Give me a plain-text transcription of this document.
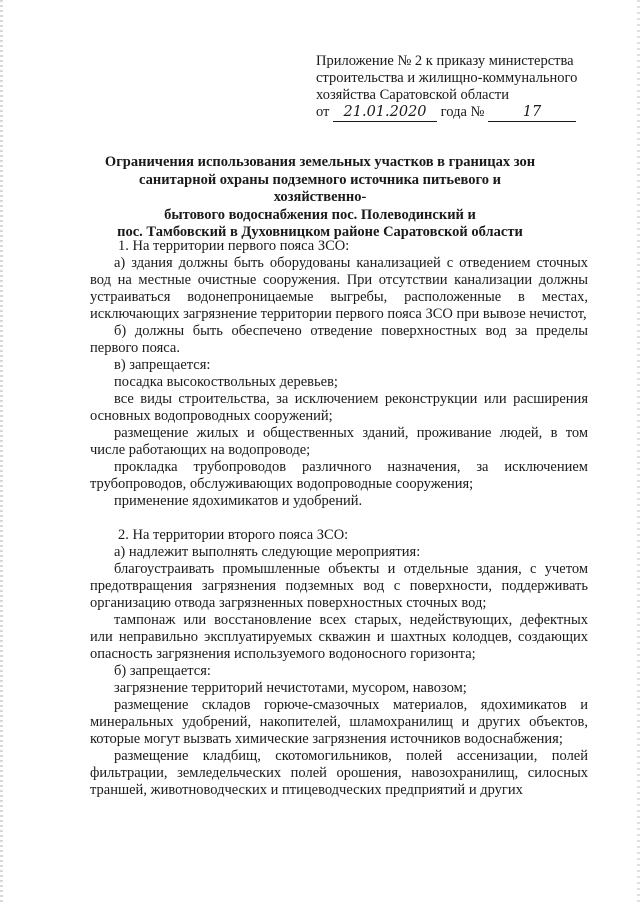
Приложение № 2 к приказу министерства
строительства и жилищно-коммунального
хозяйства Саратовской области
от 21.01.2020 года №	17
Ограничения использования земельных участков в границах зон
санитарной охраны подземного источника питьевого и хозяйственно-
бытового водоснабжения пос. Полеводинский и
пос. Тамбовский в Духовницком районе Саратовской области

1. На территории первого пояса ЗСО:

а) здания должны быть оборудованы канализацией с отведением сточных вод на местные очистные сооружения. При отсутствии канализации должны устраиваться водонепроницаемые выгребы, расположенные в местах, исключающих загрязнение территории первого пояса ЗСО при вывозе нечистот,

б) должны быть обеспечено отведение поверхностных вод за пределы первого пояса.

в) запрещается:

посадка высокоствольных деревьев;

все виды строительства, за исключением реконструкции или расширения основных водопроводных сооружений;

размещение жилых и общественных зданий, проживание людей, в том числе работающих на водопроводе;

прокладка трубопроводов различного назначения, за исключением трубопроводов, обслуживающих водопроводные сооружения;

применение ядохимикатов и удобрений.

2. На территории второго пояса ЗСО:

а) надлежит выполнять следующие мероприятия:

благоустраивать промышленные объекты и отдельные здания, с учетом предотвращения загрязнения подземных вод с поверхности, поддерживать организацию отвода загрязненных поверхностных сточных вод;

тампонаж или восстановление всех старых, недействующих, дефектных или неправильно эксплуатируемых скважин и шахтных колодцев, создающих опасность загрязнения используемого водоносного горизонта;

б) запрещается:

загрязнение территорий нечистотами, мусором, навозом;

размещение складов горюче-смазочных материалов, ядохимикатов и минеральных удобрений, накопителей, шламохранилищ и других объектов, которые могут вызвать химические загрязнения источников водоснабжения;

размещение кладбищ, скотомогильников, полей ассенизации, полей фильтрации, земледельческих полей орошения, навозохранилищ, силосных траншей, животноводческих и птицеводческих предприятий и других
